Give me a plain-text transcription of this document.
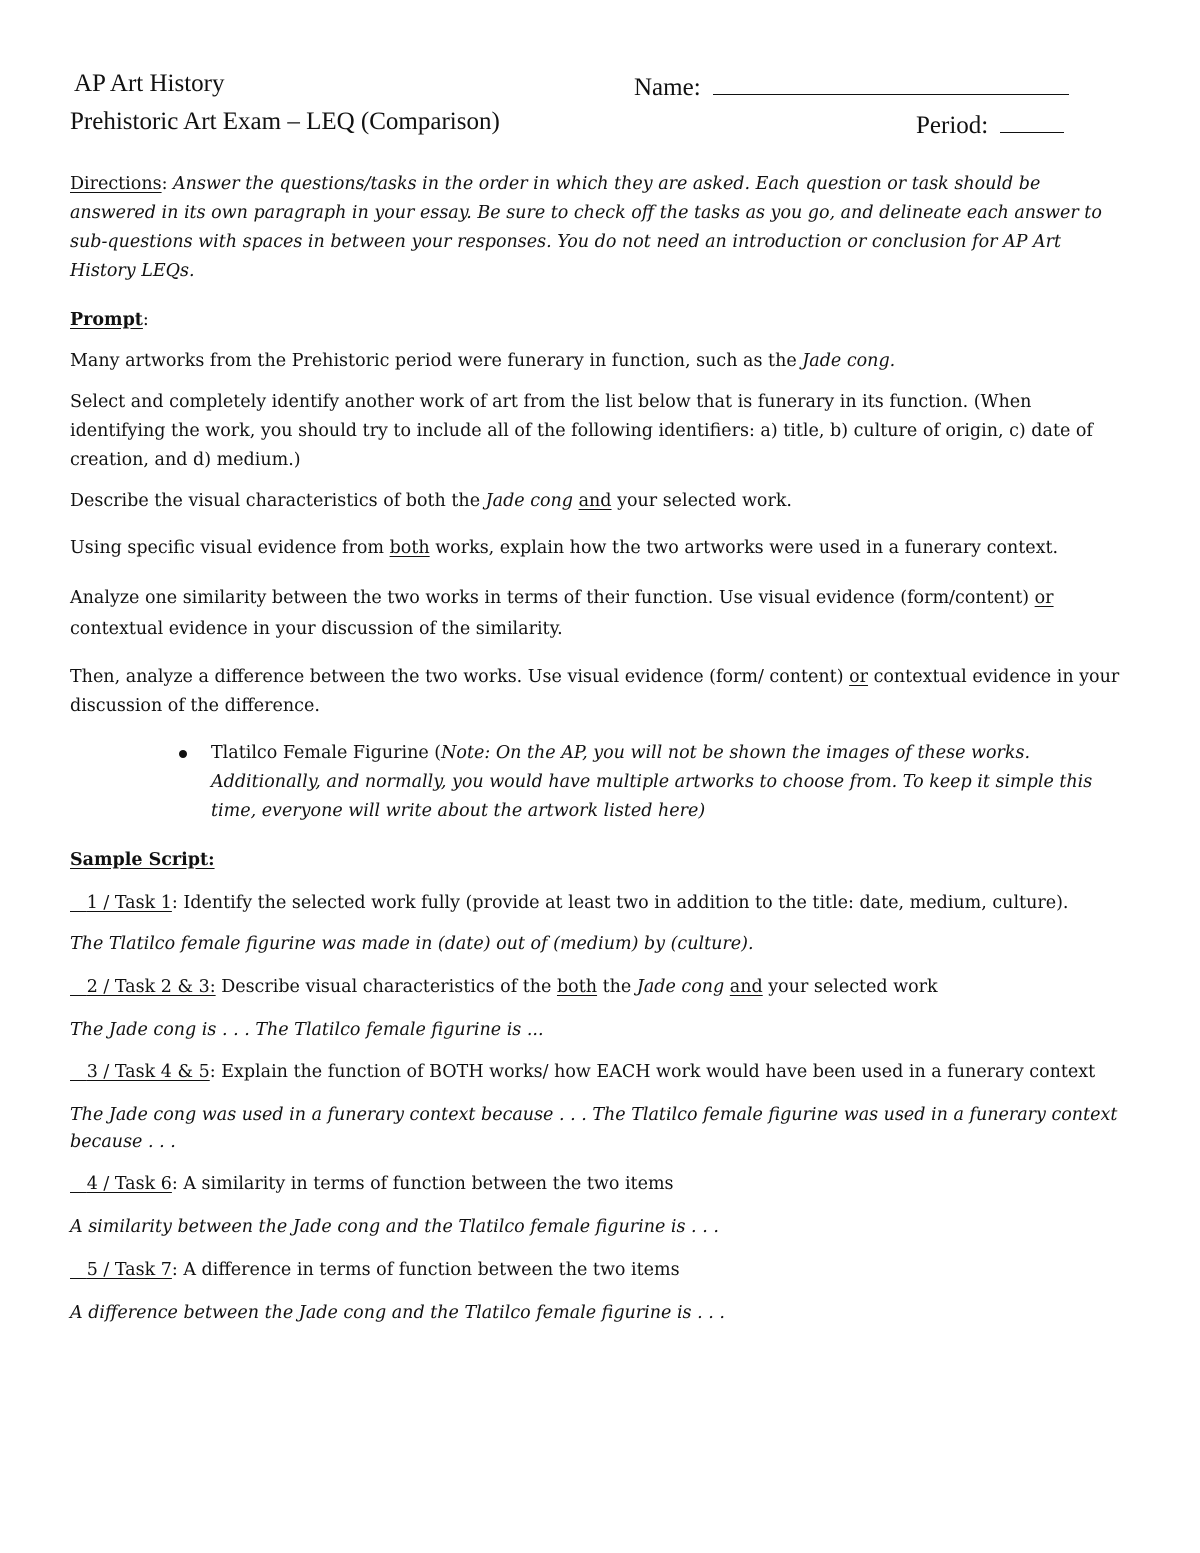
AP Art History	Name:
Prehistoric Art Exam – LEQ (Comparison)	Period:

Directions: Answer the questions/tasks in the order in which they are asked. Each question or task should be answered in its own paragraph in your essay. Be sure to check off the tasks as you go, and delineate each answer to sub-questions with spaces in between your responses. You do not need an introduction or conclusion for AP Art History LEQs.

Prompt:

Many artworks from the Prehistoric period were funerary in function, such as the Jade cong.

Select and completely identify another work of art from the list below that is funerary in its function. (When identifying the work, you should try to include all of the following identifiers: a) title, b) culture of origin, c) date of creation, and d) medium.)

Describe the visual characteristics of both the Jade cong and your selected work.

Using specific visual evidence from both works, explain how the two artworks were used in a funerary context.

Analyze one similarity between the two works in terms of their function. Use visual evidence (form/content) or contextual evidence in your discussion of the similarity.

Then, analyze a difference between the two works. Use visual evidence (form/ content) or contextual evidence in your discussion of the difference.

Tlatilco Female Figurine (Note: On the AP, you will not be shown the images of these works. Additionally, and normally, you would have multiple artworks to choose from. To keep it simple this time, everyone will write about the artwork listed here)

Sample Script:

1 / Task 1: Identify the selected work fully (provide at least two in addition to the title: date, medium, culture).

The Tlatilco female figurine was made in (date) out of (medium) by (culture).

2 / Task 2 & 3: Describe visual characteristics of the both the Jade cong and your selected work

The Jade cong is . . . The Tlatilco female figurine is ...

3 / Task 4 & 5: Explain the function of BOTH works/ how EACH work would have been used in a funerary context

The Jade cong was used in a funerary context because . . . The Tlatilco female figurine was used in a funerary context because . . .

4 / Task 6: A similarity in terms of function between the two items

A similarity between the Jade cong and the Tlatilco female figurine is . . .

5 / Task 7: A difference in terms of function between the two items

A difference between the Jade cong and the Tlatilco female figurine is . . .
